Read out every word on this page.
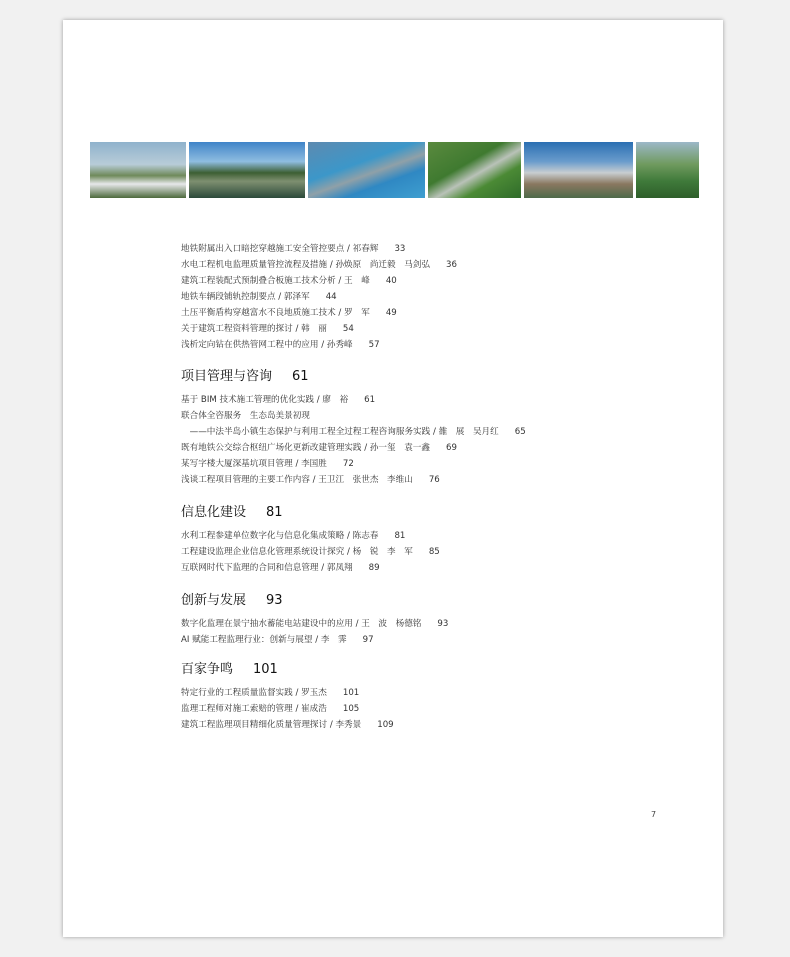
地铁附属出入口暗挖穿越施工安全管控要点 / 祁春辉 33
水电工程机电监理质量管控流程及措施 / 孙焕原　尚迁毅　马剑弘 36
建筑工程装配式预制叠合板施工技术分析 / 王　峰 40
地铁车辆段铺轨控制要点 / 郭泽军 44
土压平衡盾构穿越富水不良地质施工技术 / 罗　军 49
关于建筑工程资料管理的探讨 / 韩　丽 54
浅析定向钻在供热管网工程中的应用 / 孙秀峰 57
项目管理与咨询 61
基于 BIM 技术施工管理的优化实践 / 廖　裕 61
联合体全咨服务　生态岛美景初现
　——中法半岛小镇生态保护与利用工程全过程工程咨询服务实践 / 雒　展　吴月红 65
既有地铁公交综合枢纽广场化更新改建管理实践 / 孙一玺　袁一鑫 69
某写字楼大厦深基坑项目管理 / 李国胜 72
浅谈工程项目管理的主要工作内容 / 王卫江　张世杰　李维山 76
信息化建设 81
水利工程参建单位数字化与信息化集成策略 / 陈志春 81
工程建设监理企业信息化管理系统设计探究 / 杨　锐　李　军 85
互联网时代下监理的合同和信息管理 / 郭凤翔 89
创新与发展 93
数字化监理在景宁抽水蓄能电站建设中的应用 / 王　波　杨德铭 93
AI 赋能工程监理行业：创新与展望 / 李　霁 97
百家争鸣 101
特定行业的工程质量监督实践 / 罗玉杰 101
监理工程师对施工索赔的管理 / 崔成浩 105
建筑工程监理项目精细化质量管理探讨 / 李秀景 109
7
